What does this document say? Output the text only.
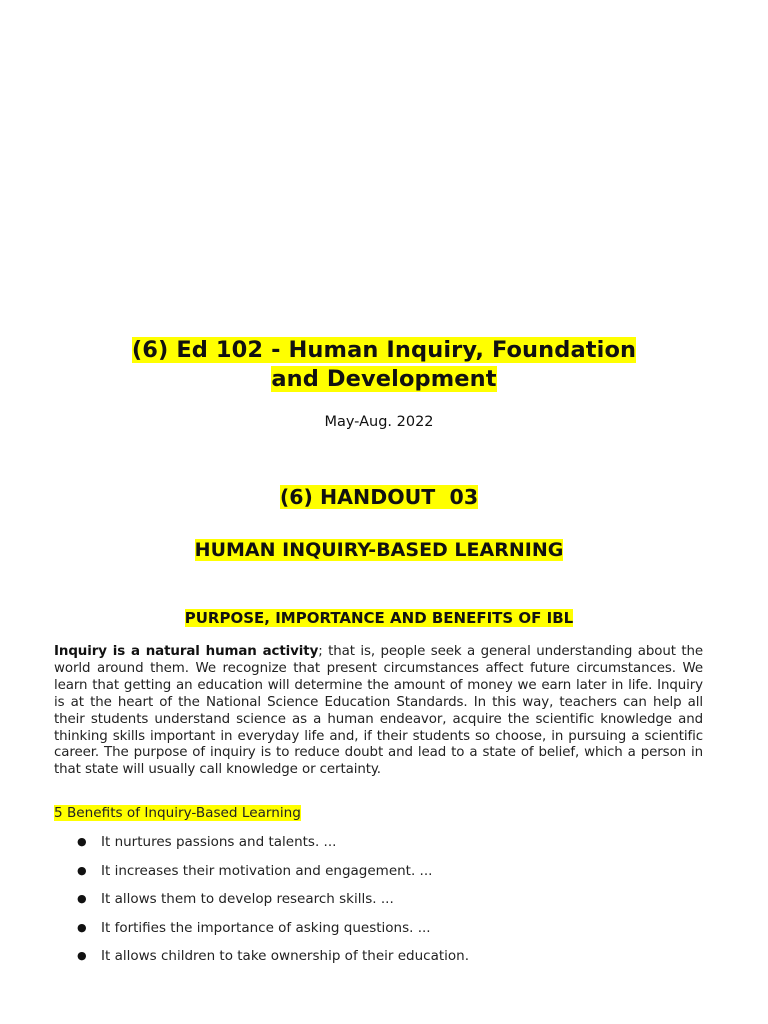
(6) Ed 102 - Human Inquiry, Foundation
and Development

May-Aug. 2022

(6) HANDOUT  03
HUMAN INQUIRY-BASED LEARNING
PURPOSE, IMPORTANCE AND BENEFITS OF IBL

Inquiry is a natural human activity; that is, people seek a general understanding about the world around them. We recognize that present circumstances affect future circumstances. We learn that getting an education will determine the amount of money we earn later in life. Inquiry is at the heart of the National Science Education Standards. In this way, teachers can help all their students understand science as a human endeavor, acquire the scientific knowledge and thinking skills important in everyday life and, if their students so choose, in pursuing a scientific career. The purpose of inquiry is to reduce doubt and lead to a state of belief, which a person in that state will usually call knowledge or certainty.

5 Benefits of Inquiry-Based Learning

● It nurtures passions and talents. ...
● It increases their motivation and engagement. ...
● It allows them to develop research skills. ...
● It fortifies the importance of asking questions. ...
● It allows children to take ownership of their education.
